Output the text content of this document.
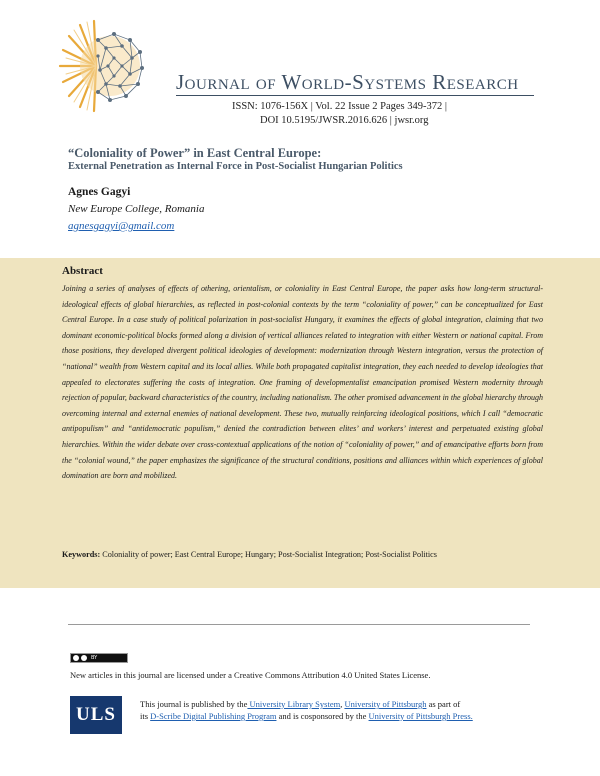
Journal of World-Systems Research
ISSN: 1076-156X | Vol. 22 Issue 2 Pages 349-372 |
DOI 10.5195/JWSR.2016.626 | jwsr.org
“Coloniality of Power” in East Central Europe:
External Penetration as Internal Force in Post-Socialist Hungarian Politics
Agnes Gagyi
New Europe College, Romania
agnesgagyi@gmail.com
Abstract

Joining a series of analyses of effects of othering, orientalism, or coloniality in East Central Europe, the paper asks how long-term structural-ideological effects of global hierarchies, as reflected in post-colonial contexts by the term “coloniality of power,” can be conceptualized for East Central Europe. In a case study of political polarization in post-socialist Hungary, it examines the effects of global integration, claiming that two dominant economic-political blocks formed along a division of vertical alliances related to integration with either Western or national capital. From those positions, they developed divergent political ideologies of development: modernization through Western integration, versus the protection of “national” wealth from Western capital and its local allies. While both propagated capitalist integration, they each needed to develop ideologies that appealed to electorates suffering the costs of integration. One framing of developmentalist emancipation promised Western modernity through rejection of popular, backward characteristics of the country, including nationalism. The other promised advancement in the global hierarchy through overcoming internal and external enemies of national development. These two, mutually reinforcing ideological positions, which I call “democratic antipopulism” and “antidemocratic populism,” denied the contradiction between elites’ and workers’ interest and perpetuated existing global hierarchies. Within the wider debate over cross-contextual applications of the notion of “coloniality of power,” and of emancipative efforts born from the “colonial wound,” the paper emphasizes the significance of the structural conditions, positions and alliances within which experiences of global domination are born and mobilized.

Keywords: Coloniality of power; East Central Europe; Hungary; Post-Socialist Integration; Post-Socialist Politics
BY
New articles in this journal are licensed under a Creative Commons Attribution 4.0 United States License.
ULS	This journal is published by the University Library System, University of Pittsburgh as part of
its D-Scribe Digital Publishing Program and is cosponsored by the University of Pittsburgh Press.
